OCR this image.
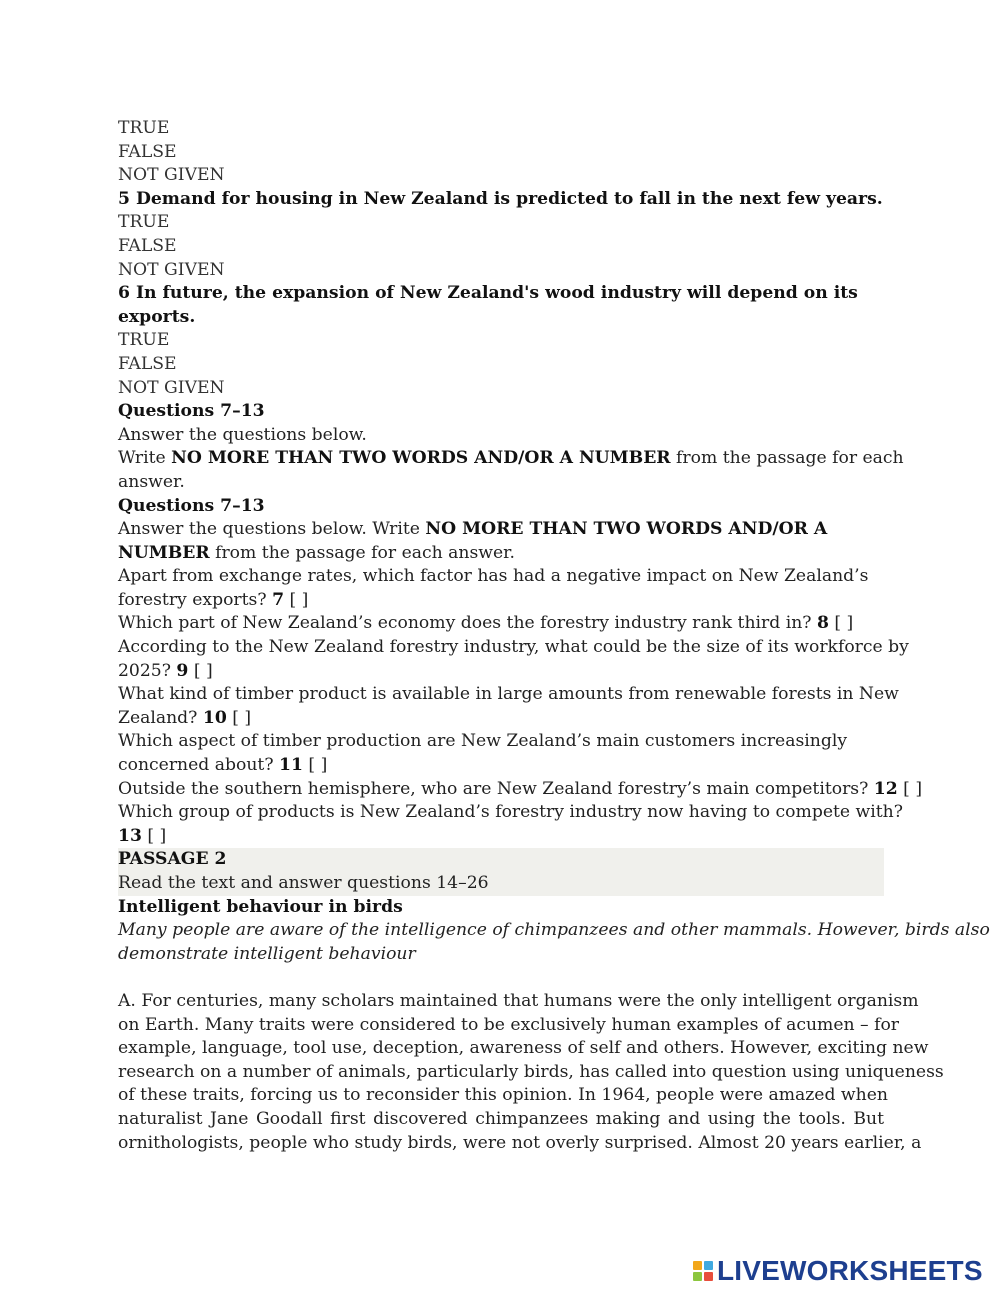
TRUE

FALSE

NOT GIVEN

5 Demand for housing in New Zealand is predicted to fall in the next few years.

TRUE

FALSE

NOT GIVEN

6 In future, the expansion of New Zealand's wood industry will depend on its

exports.

TRUE

FALSE

NOT GIVEN

Questions 7–13

Answer the questions below.

Write NO MORE THAN TWO WORDS AND/OR A NUMBER from the passage for each

answer.

Questions 7–13

Answer the questions below. Write NO MORE THAN TWO WORDS AND/OR A

NUMBER from the passage for each answer.

Apart from exchange rates, which factor has had a negative impact on New Zealand’s

forestry exports? 7 [ ]

Which part of New Zealand’s economy does the forestry industry rank third in? 8 [ ]

According to the New Zealand forestry industry, what could be the size of its workforce by

2025? 9 [ ]

What kind of timber product is available in large amounts from renewable forests in New

Zealand? 10 [ ]

Which aspect of timber production are New Zealand’s main customers increasingly

concerned about? 11 [ ]

Outside the southern hemisphere, who are New Zealand forestry’s main competitors? 12 [ ]

Which group of products is New Zealand’s forestry industry now having to compete with?

13 [ ]

PASSAGE 2

Read the text and answer questions 14–26

Intelligent behaviour in birds

Many people are aware of the intelligence of chimpanzees and other mammals. However, birds also

demonstrate intelligent behaviour

A. For centuries, many scholars maintained that humans were the only intelligent organism

on Earth. Many traits were considered to be exclusively human examples of acumen – for

example, language, tool use, deception, awareness of self and others. However, exciting new

research on a number of animals, particularly birds, has called into question using uniqueness

of these traits, forcing us to reconsider this opinion. In 1964, people were amazed when

naturalist Jane Goodall first discovered chimpanzees making and using the tools. But

ornithologists, people who study birds, were not overly surprised. Almost 20 years earlier, a

LIVEWORKSHEETS
